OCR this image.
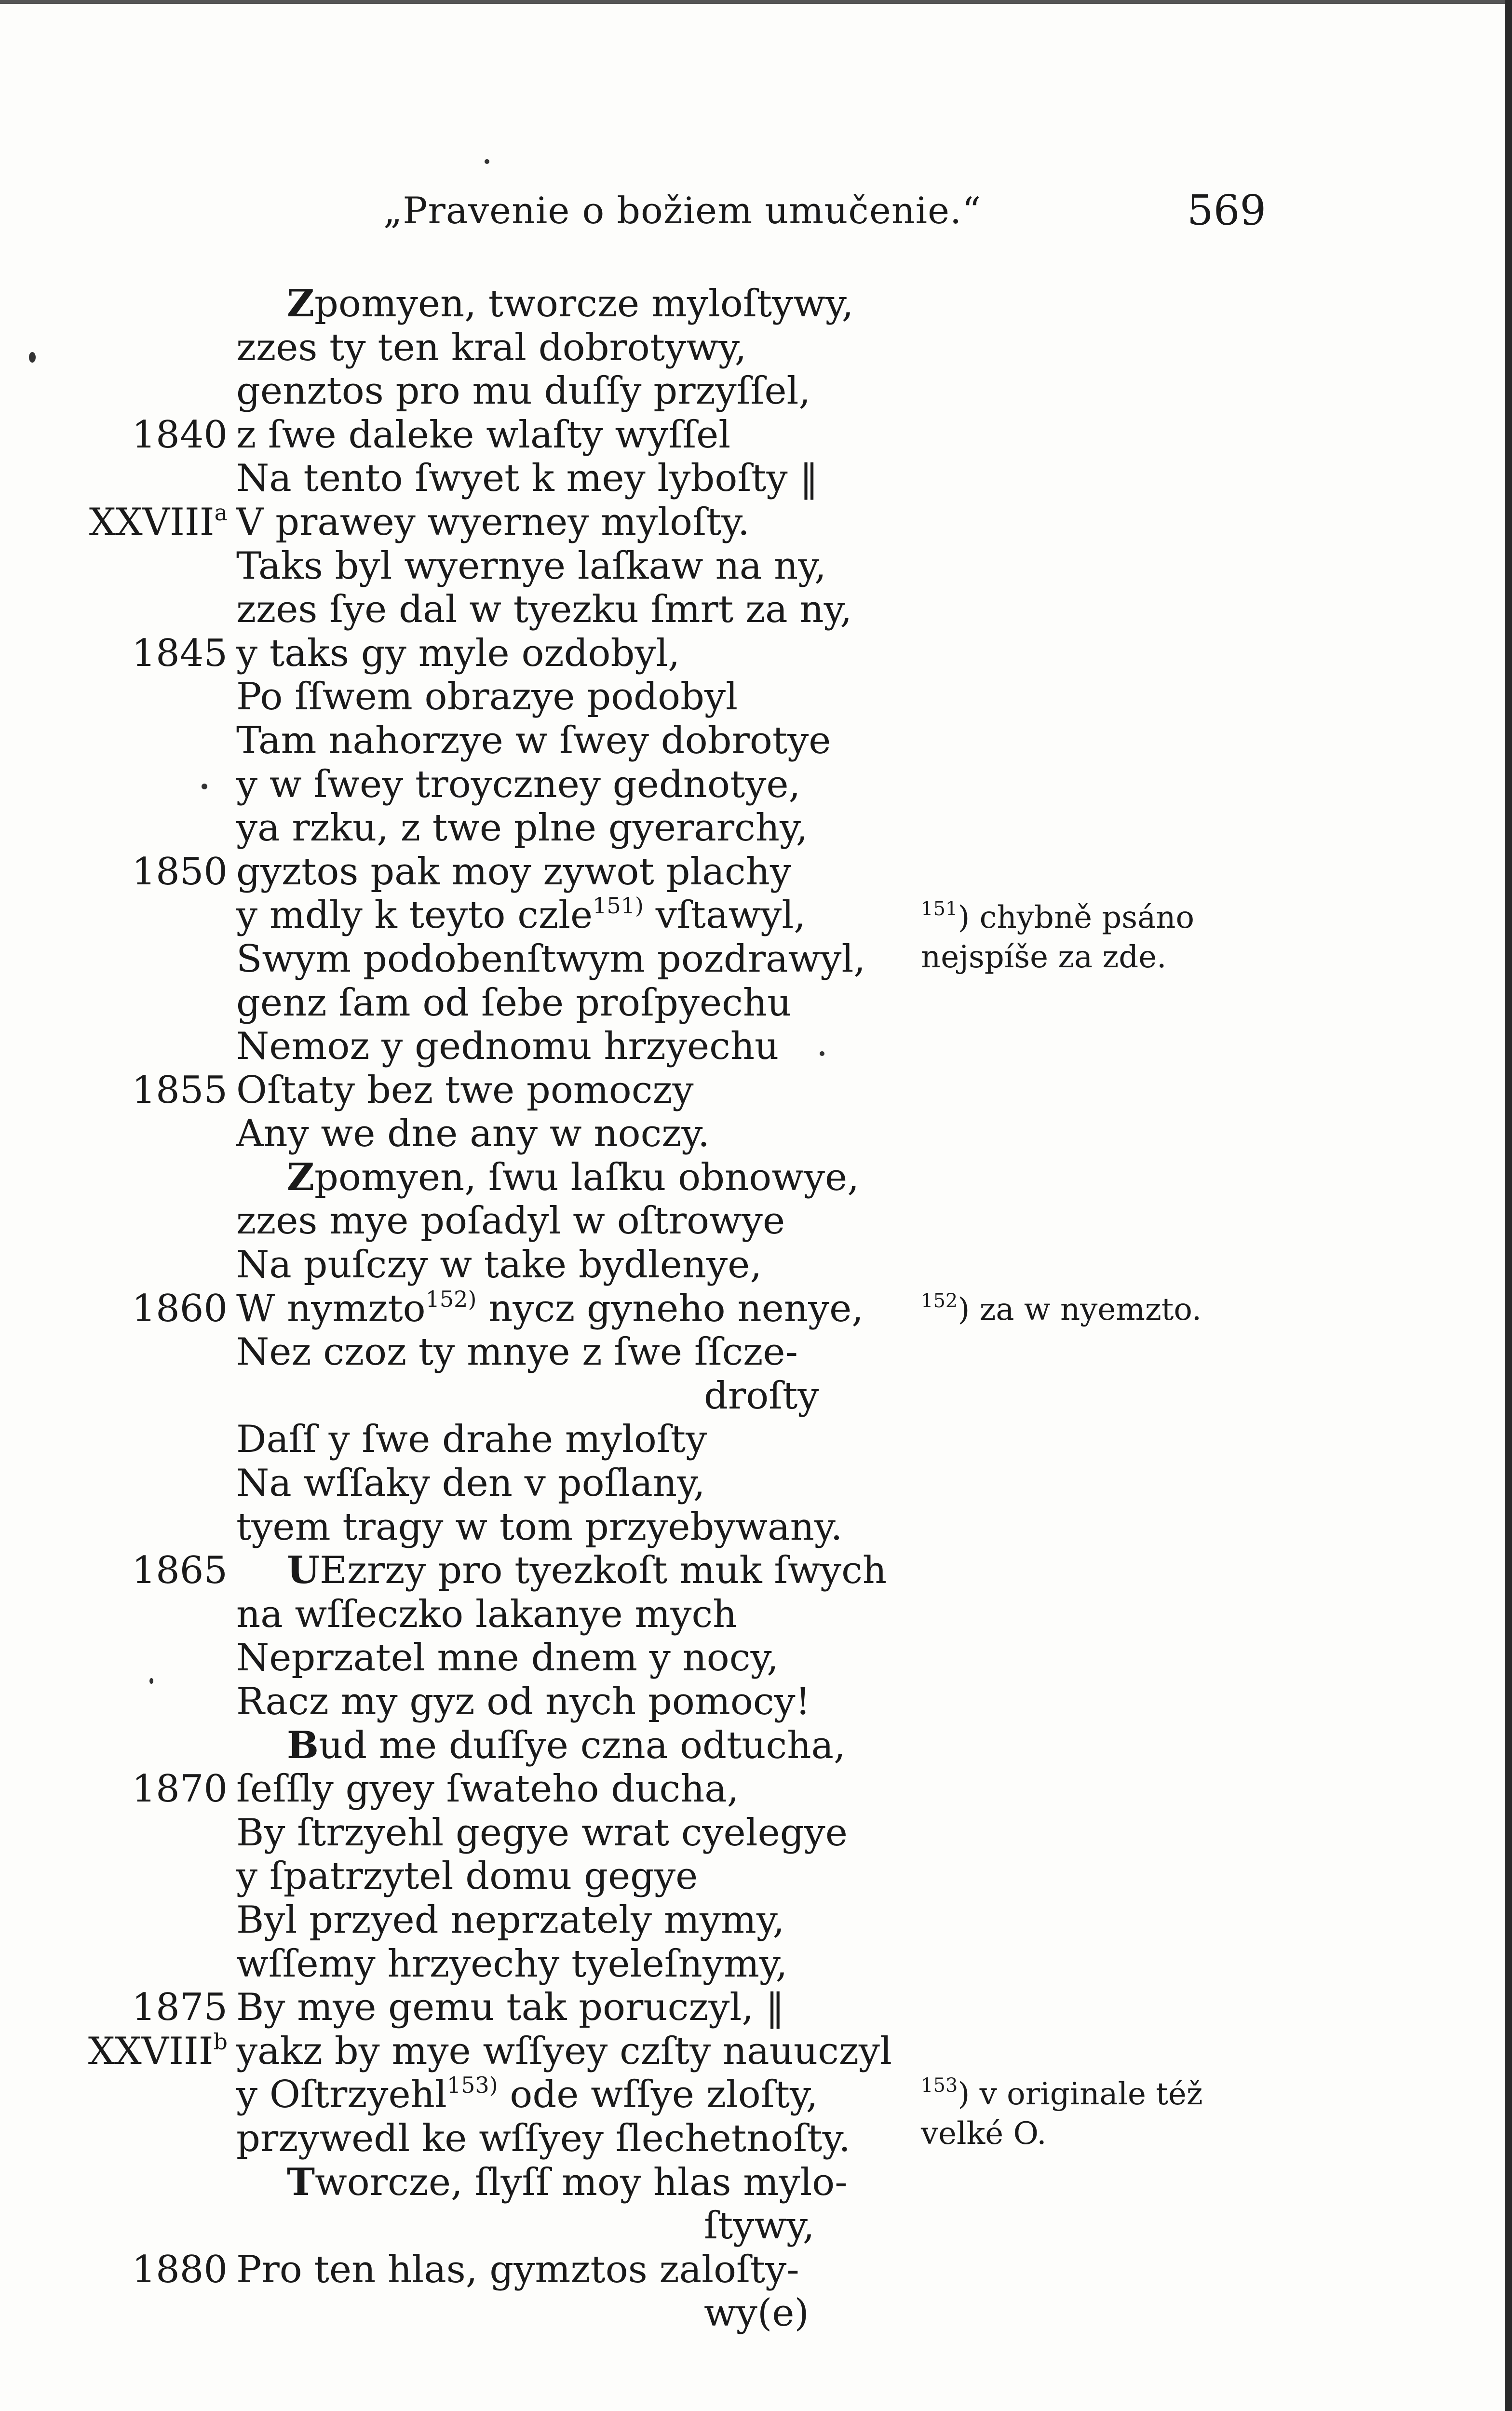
„Pravenie o božiem umučenie.“	569
Zpomyen, tworcze myloſtywy,
zzes ty ten kral dobrotywy,
genztos pro mu duſſy przyſſel,
1840 z ſwe daleke wlaſty wyſſel
Na tento ſwyet k mey lyboſty ‖
XXVIII$^a$ V prawey wyerney myloſty.
Taks byl wyernye laſkaw na ny,
zzes ſye dal w tyezku ſmrt za ny,
1845 y taks gy myle ozdobyl,
Po ſſwem obrazye podobyl
Tam nahorzye w ſwey dobrotye
y w ſwey troyczney gednotye,
ya rzku, z twe plne gyerarchy,
1850 gyztos pak moy zywot plachy
y mdly k teyto czle$^{151)}$ vſtawyl,
Swym podobenſtwym pozdrawyl,
genz ſam od ſebe proſpyechu
Nemoz y gednomu hrzyechu
1855 Oſtaty bez twe pomoczy
Any we dne any w noczy.
Zpomyen, ſwu laſku obnowye,
zzes mye poſadyl w oſtrowye
Na puſczy w take bydlenye,
1860 W nymzto$^{152)}$ nycz gyneho nenye,
Nez czoz ty mnye z ſwe ſſcze-
droſty
Daſſ y ſwe drahe myloſty
Na wſſaky den v poſlany,
tyem tragy w tom przyebywany.
1865 UEzrzy pro tyezkoſt muk ſwych
na wſſeczko lakanye mych
Neprzatel mne dnem y nocy,
Racz my gyz od nych pomocy!
Bud me duſſye czna odtucha,
1870 ſeſſly gyey ſwateho ducha,
By ſtrzyehl gegye wrat cyelegye
y ſpatrzytel domu gegye
Byl przyed neprzately mymy,
wſſemy hrzyechy tyeleſnymy,
1875 By mye gemu tak poruczyl, ‖
XXVIII$^b$ yakz by mye wſſyey czſty nauuczyl
y Oſtrzyehl$^{153)}$ ode wſſye zloſty,
przywedl ke wſſyey ſlechetnoſty.
Tworcze, ſlyſſ moy hlas mylo-
ſtywy,
1880 Pro ten hlas, gymztos zaloſty-
wy(e)
$^{151}$) chybně psáno
nejspíše za zde.
$^{152}$) za w nyemzto.
$^{153}$) v originale též
velké O.
